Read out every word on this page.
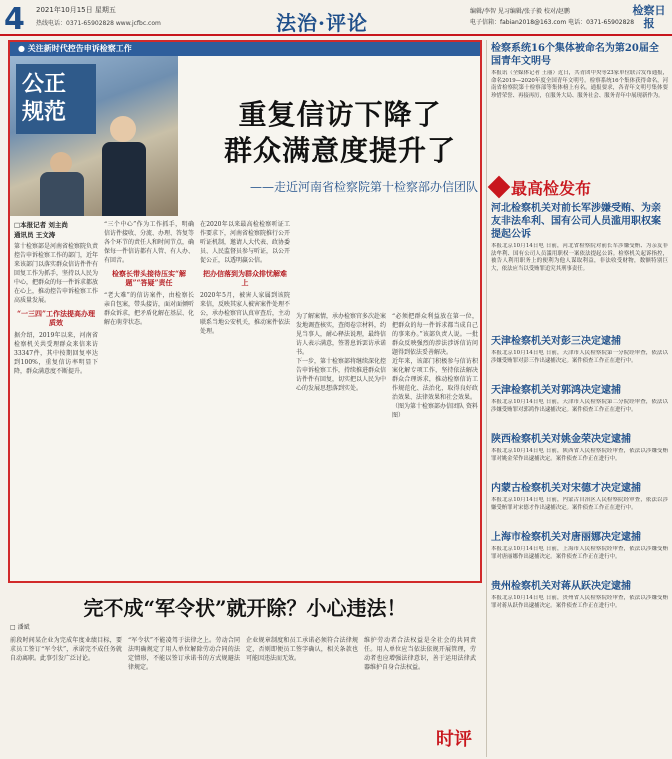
4 2021年10月15日 星期五
热线电话：0371-65902828 www.jcfbc.com	法治·评论	编辑/李智 见习编辑/张子毅 校对/赵鹏
电子信箱：fabian2018@163.com 电话：0371-65902828
检察日报
● 关注新时代控告申诉检察工作
公正 规范	重复信访下降了
群众满意度提升了
——走近河南省检察院第十检察部办信团队
□本报记者 刘主尚
通讯员 王文涛
第十检察部是河南省检察院负责控告申诉检察工作的部门，近年来该部门以落实群众信访件件有回复工作为抓手，坚持以人民为中心，把群众的每一件诉求都放在心上，推动控告申诉检察工作高质量发展。
“一三四”工作法提高办理质效
据介绍，2019年以来，河南省检察机关共受理群众来信来访33347件，其中按期回复率达到100%，重复信访率明显下降，群众满意度不断提升。
“三个中心”作为工作抓手，明确信访件接收、分流、办理、答复等各个环节的责任人和时间节点，确保每一件信访都有人管、有人办、有回音。
检察长带头接待压实“解题”“答疑”责任
“老大难”的信访案件，由检察长亲自包案，带头接访，面对面倾听群众诉求，把矛盾化解在基层、化解在萌芽状态。
在2020年以来最高检检察听证工作要求下，河南省检察院推行公开听证机制，邀请人大代表、政协委员、人民监督员参与听证，以公开促公正，以透明赢公信。
把办信落到为群众排忧解难上
2020年5月，被害人家属到该院来信，反映其家人被害案件处理不公，承办检察官认真审查后，主动联系当地公安机关，推动案件依法处理。
为了解案情，承办检察官多次赴案发地调查核实，查阅卷宗材料，约见当事人，耐心释法说理，最终信访人表示满意，签署息诉罢访承诺书。
下一步，第十检察部将继续深化控告申诉检察工作，持续推进群众信访件件有回复，切实把以人民为中心的发展思想落到实处。
“必须把群众利益放在第一位，把群众的每一件诉求都当成自己的事来办。”该部负责人说。一批群众反映强烈的涉法涉诉信访问题得到依法妥善解决。
近年来，该部门积极参与信访积案化解专项工作，坚持依法解决群众合理诉求，推动检察信访工作规范化、法治化，取得良好政治效果、法律效果和社会效果。
（图为第十检察部办信团队 资料图）
完不成“军令状”就开除？小心违法！
□ 潘斌
前段时间某企业为完成年度业绩目标，要求员工签订“军令状”，承诺完不成任务就自动离职。此事引发广泛讨论。
“军令状”不能凌驾于法律之上。劳动合同法明确规定了用人单位解除劳动合同的法定情形，不能以签订承诺书的方式规避法律规定。
企业规章制度和员工承诺必须符合法律规定，否则即便员工签字确认，相关条款也可能因违法而无效。
维护劳动者合法权益是全社会的共同责任。用人单位应当依法依规开展管理，劳动者也应增强法律意识，善于运用法律武器维护自身合法权益。
时评
检察系统16个集体被命名为第20届全国青年文明号
本报讯（全媒体记者 王丽）近日，共青团中央等23家单位联合发布通报，命名2019—2020年度全国青年文明号。检察系统16个集体获得命名，河南省检察院第十检察部等集体榜上有名。通报要求，各青年文明号集体要珍惜荣誉、再接再厉，在服务大局、服务社会、服务青年中展现新作为。
最高检发布
河北检察机关对前长军涉嫌受贿、为亲友非法牟利、国有公司人员滥用职权案提起公诉
本报北京10月14日电 日前，河北省检察院对前长军涉嫌受贿、为亲友非法牟利、国有公司人员滥用职权一案依法提起公诉。检察机关起诉指控，被告人利用职务上的便利为他人谋取利益，非法收受财物，数额特别巨大，依法应当以受贿罪追究其刑事责任。
天津检察机关对彭三决定逮捕
本报北京10月14日电 日前，天津市人民检察院第一分院经审查，依法以涉嫌受贿罪对彭三作出逮捕决定。案件侦查工作正在进行中。
天津检察机关对郭鸿决定逮捕
本报北京10月14日电 日前，天津市人民检察院第二分院经审查，依法以涉嫌受贿罪对郭鸿作出逮捕决定。案件侦查工作正在进行中。
陕西检察机关对姚金荣决定逮捕
本报北京10月14日电 日前，陕西省人民检察院经审查，依法以涉嫌受贿罪对姚金荣作出逮捕决定。案件侦查工作正在进行中。
内蒙古检察机关对宋德才决定逮捕
本报北京10月14日电 日前，内蒙古自治区人民检察院经审查，依法以涉嫌受贿罪对宋德才作出逮捕决定。案件侦查工作正在进行中。
上海市检察机关对唐丽娜决定逮捕
本报北京10月14日电 日前，上海市人民检察院经审查，依法以涉嫌受贿罪对唐丽娜作出逮捕决定。案件侦查工作正在进行中。
贵州检察机关对蒋从跃决定逮捕
本报北京10月14日电 日前，贵州省人民检察院经审查，依法以涉嫌受贿罪对蒋从跃作出逮捕决定。案件侦查工作正在进行中。
